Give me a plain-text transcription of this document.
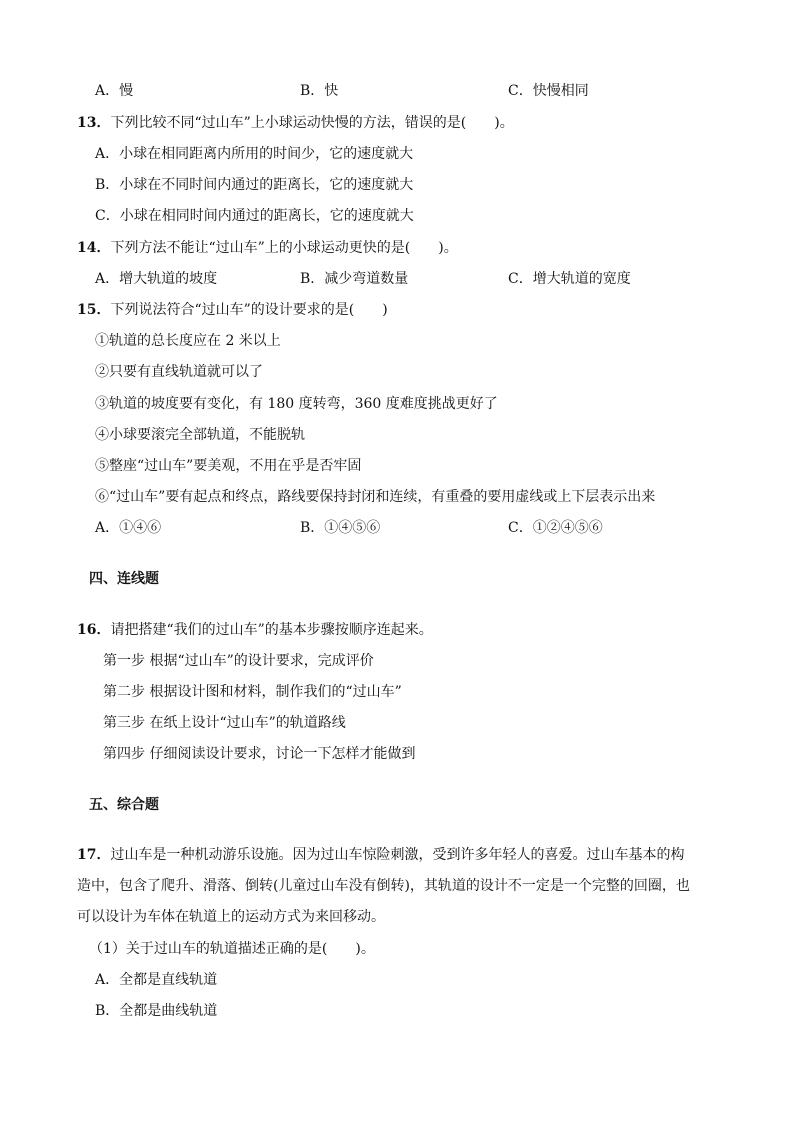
A．慢	B．快	C．快慢相同
13．下列比较不同“过山车”上小球运动快慢的方法，错误的是(　　)。
A．小球在相同距离内所用的时间少，它的速度就大
B．小球在不同时间内通过的距离长，它的速度就大
C．小球在相同时间内通过的距离长，它的速度就大
14．下列方法不能让“过山车”上的小球运动更快的是(　　)。
A．增大轨道的坡度	B．减少弯道数量	C．增大轨道的宽度
15．下列说法符合“过山车”的设计要求的是(　　)
①轨道的总长度应在 2 米以上
②只要有直线轨道就可以了
③轨道的坡度要有变化，有 180 度转弯，360 度难度挑战更好了
④小球要滚完全部轨道，不能脱轨
⑤整座“过山车”要美观，不用在乎是否牢固
⑥“过山车”要有起点和终点，路线要保持封闭和连续，有重叠的要用虚线或上下层表示出来
A．①④⑥	B．①④⑤⑥	C．①②④⑤⑥
四、连线题
16．请把搭建“我们的过山车”的基本步骤按顺序连起来。
第一步 根据“过山车”的设计要求，完成评价
第二步 根据设计图和材料，制作我们的“过山车”
第三步 在纸上设计“过山车”的轨道路线
第四步 仔细阅读设计要求，讨论一下怎样才能做到
五、综合题
17．过山车是一种机动游乐设施。因为过山车惊险刺激，受到许多年轻人的喜爱。过山车基本的构
造中，包含了爬升、滑落、倒转(儿童过山车没有倒转)，其轨道的设计不一定是一个完整的回圈，也
可以设计为车体在轨道上的运动方式为来回移动。
（1）关于过山车的轨道描述正确的是(　　)。
A．全都是直线轨道
B．全都是曲线轨道
